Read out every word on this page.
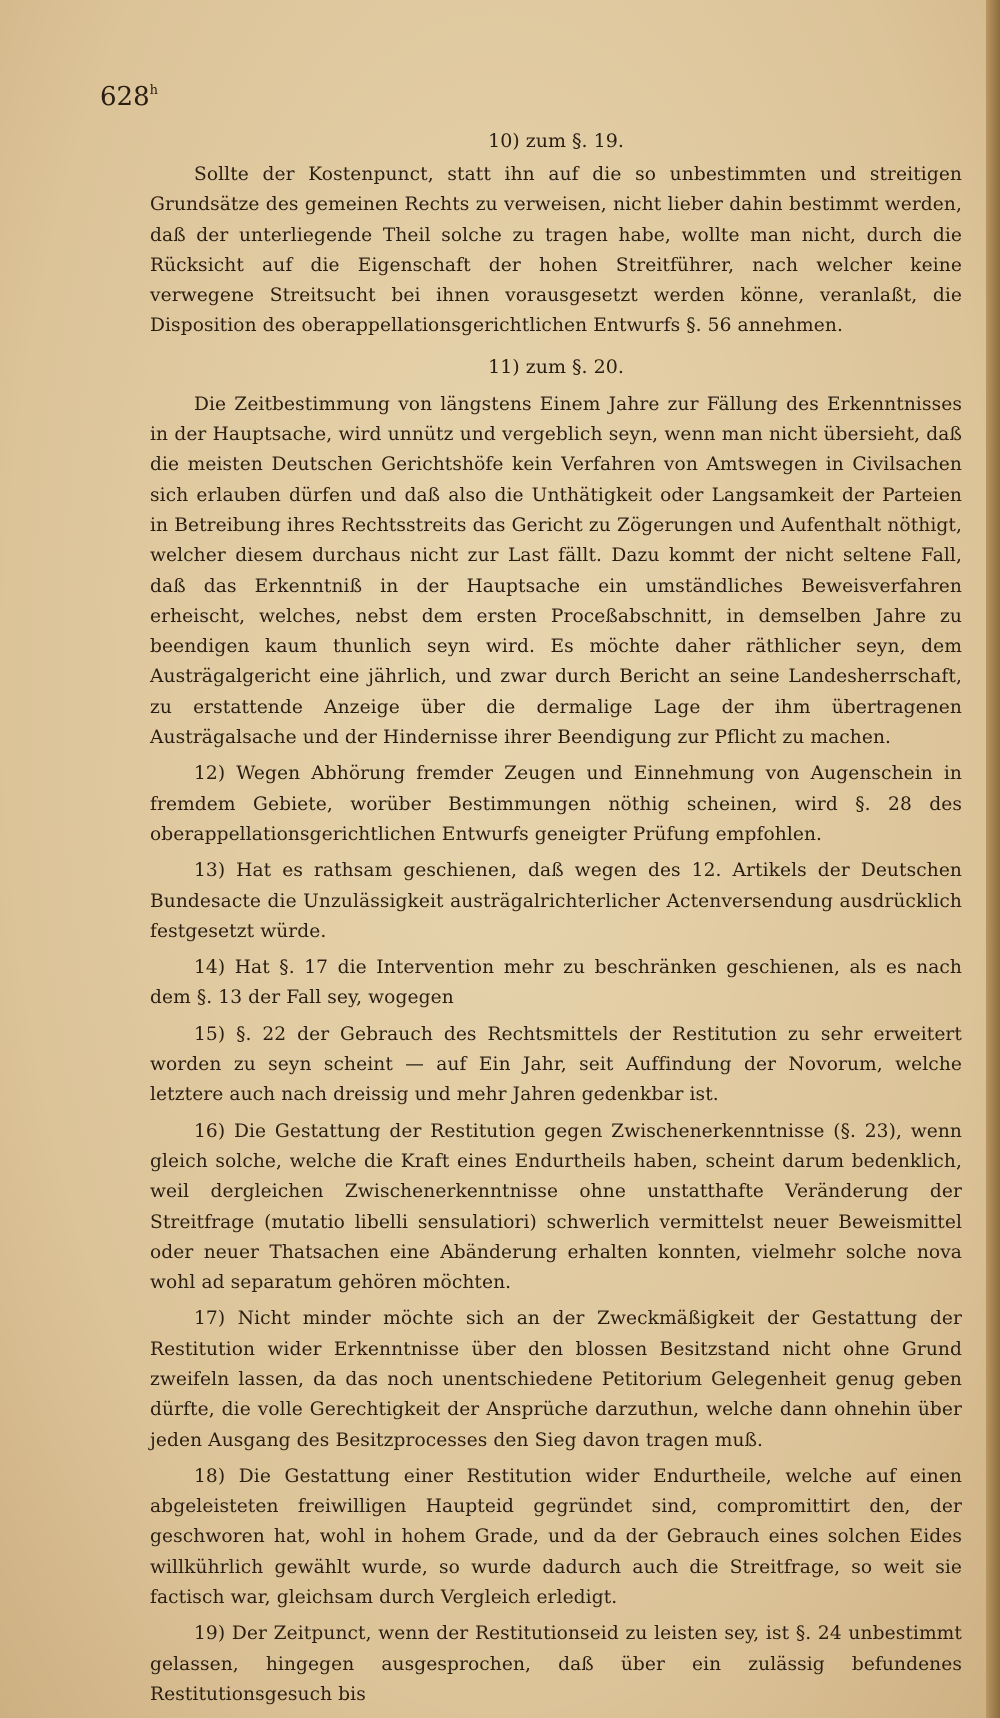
628$^h$
10) zum §. 19.

Sollte der Kostenpunct, statt ihn auf die so unbestimmten und streitigen Grundsätze des gemeinen Rechts zu verweisen, nicht lieber dahin bestimmt werden, daß der unterliegende Theil solche zu tragen habe, wollte man nicht, durch die Rücksicht auf die Eigenschaft der hohen Streitführer, nach welcher keine verwegene Streitsucht bei ihnen vorausgesetzt werden könne, veranlaßt, die Disposition des oberappellationsgerichtlichen Entwurfs §. 56 annehmen.

11) zum §. 20.

Die Zeitbestimmung von längstens Einem Jahre zur Fällung des Erkenntnisses in der Hauptsache, wird unnütz und vergeblich seyn, wenn man nicht übersieht, daß die meisten Deutschen Gerichtshöfe kein Verfahren von Amtswegen in Civilsachen sich erlauben dürfen und daß also die Unthätigkeit oder Langsamkeit der Parteien in Betreibung ihres Rechtsstreits das Gericht zu Zögerungen und Aufenthalt nöthigt, welcher diesem durchaus nicht zur Last fällt. Dazu kommt der nicht seltene Fall, daß das Erkenntniß in der Hauptsache ein umständliches Beweisverfahren erheischt, welches, nebst dem ersten Proceßabschnitt, in demselben Jahre zu beendigen kaum thunlich seyn wird. Es möchte daher räthlicher seyn, dem Austrägalgericht eine jährlich, und zwar durch Bericht an seine Landesherrschaft, zu erstattende Anzeige über die dermalige Lage der ihm übertragenen Austrägalsache und der Hindernisse ihrer Beendigung zur Pflicht zu machen.

12) Wegen Abhörung fremder Zeugen und Einnehmung von Augenschein in fremdem Gebiete, worüber Bestimmungen nöthig scheinen, wird §. 28 des oberappellationsgerichtlichen Entwurfs geneigter Prüfung empfohlen.

13) Hat es rathsam geschienen, daß wegen des 12. Artikels der Deutschen Bundesacte die Unzulässigkeit austrägalrichterlicher Actenversendung ausdrücklich festgesetzt würde.

14) Hat §. 17 die Intervention mehr zu beschränken geschienen, als es nach dem §. 13 der Fall sey, wogegen

15) §. 22 der Gebrauch des Rechtsmittels der Restitution zu sehr erweitert worden zu seyn scheint — auf Ein Jahr, seit Auffindung der Novorum, welche letztere auch nach dreissig und mehr Jahren gedenkbar ist.

16) Die Gestattung der Restitution gegen Zwischenerkenntnisse (§. 23), wenn gleich solche, welche die Kraft eines Endurtheils haben, scheint darum bedenklich, weil dergleichen Zwischenerkenntnisse ohne unstatthafte Veränderung der Streitfrage (mutatio libelli sensulatiori) schwerlich vermittelst neuer Beweismittel oder neuer Thatsachen eine Abänderung erhalten konnten, vielmehr solche nova wohl ad separatum gehören möchten.

17) Nicht minder möchte sich an der Zweckmäßigkeit der Gestattung der Restitution wider Erkenntnisse über den blossen Besitzstand nicht ohne Grund zweifeln lassen, da das noch unentschiedene Petitorium Gelegenheit genug geben dürfte, die volle Gerechtigkeit der Ansprüche darzuthun, welche dann ohnehin über jeden Ausgang des Besitzprocesses den Sieg davon tragen muß.

18) Die Gestattung einer Restitution wider Endurtheile, welche auf einen abgeleisteten freiwilligen Haupteid gegründet sind, compromittirt den, der geschworen hat, wohl in hohem Grade, und da der Gebrauch eines solchen Eides willkührlich gewählt wurde, so wurde dadurch auch die Streitfrage, so weit sie factisch war, gleichsam durch Vergleich erledigt.

19) Der Zeitpunct, wenn der Restitutionseid zu leisten sey, ist §. 24 unbestimmt gelassen, hingegen ausgesprochen, daß über ein zulässig befundenes Restitutionsgesuch bis
